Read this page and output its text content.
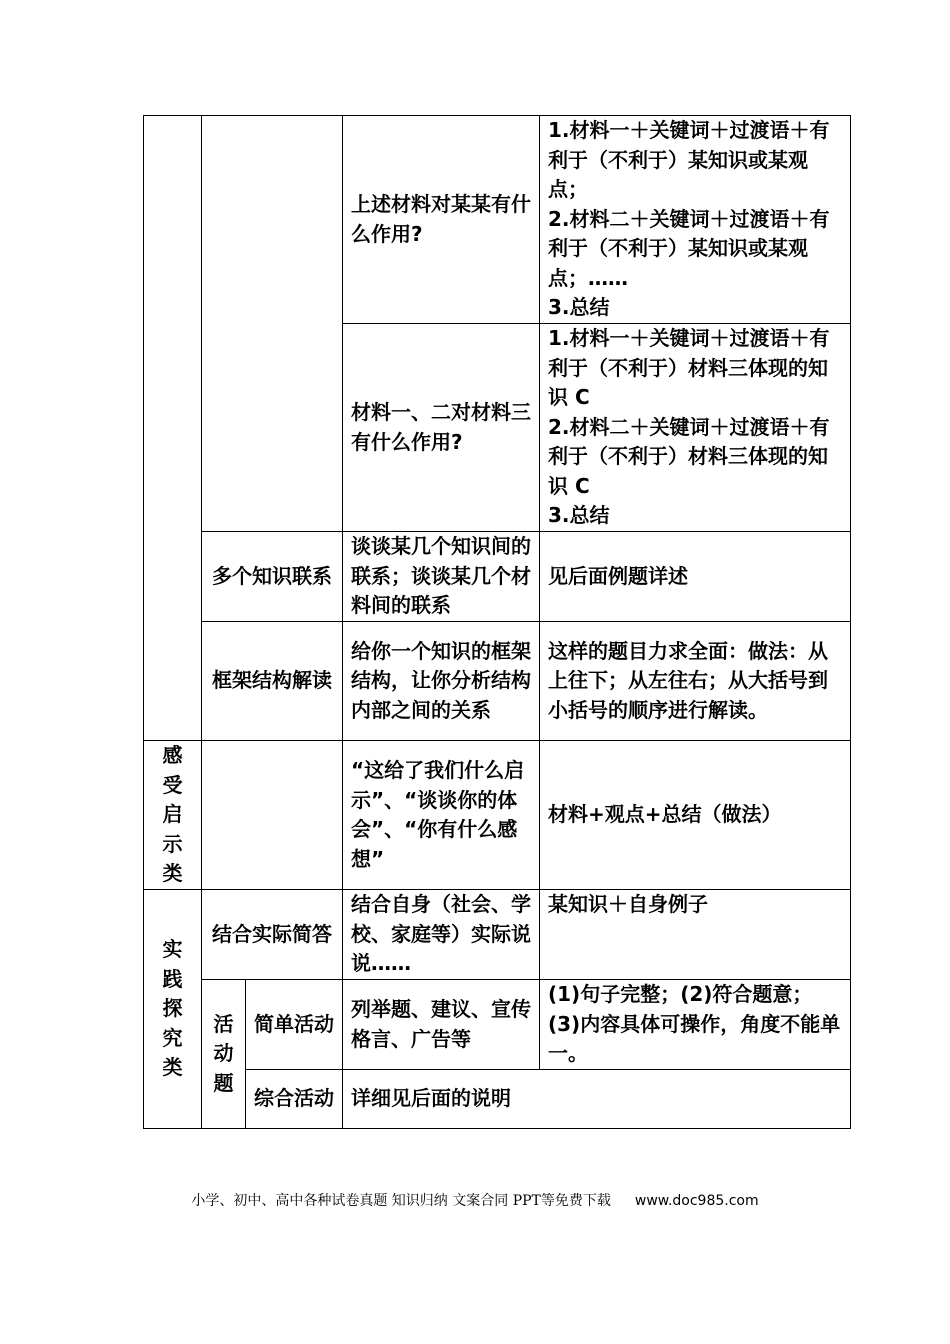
感
受
启
示
类
实
践
探
究
类
多个知识联系
框架结构解读
结合实际简答
活
动
题
简单活动
综合活动
上述材料对某某有什么作用?
材料一、二对材料三有什么作用?
谈谈某几个知识间的联系；谈谈某几个材料间的联系
给你一个知识的框架结构，让你分析结构内部之间的关系
“这给了我们什么启示”、“谈谈你的体会”、“你有什么感想”
结合自身（社会、学校、家庭等）实际说说……
列举题、建议、宣传格言、广告等
详细见后面的说明
1.材料一＋关键词＋过渡语＋有利于（不利于）某知识或某观点；
2.材料二＋关键词＋过渡语＋有利于（不利于）某知识或某观点；……
3.总结
1.材料一＋关键词＋过渡语＋有利于（不利于）材料三体现的知识 C
2.材料二＋关键词＋过渡语＋有利于（不利于）材料三体现的知识 C
3.总结
见后面例题详述
这样的题目力求全面：做法：从上往下；从左往右；从大括号到小括号的顺序进行解读。
材料+观点+总结（做法）
某知识＋自身例子
(1)句子完整；(2)符合题意；(3)内容具体可操作，角度不能单一。
小学、初中、高中各种试卷真题 知识归纳 文案合同 PPT等免费下载 www.doc985.com
